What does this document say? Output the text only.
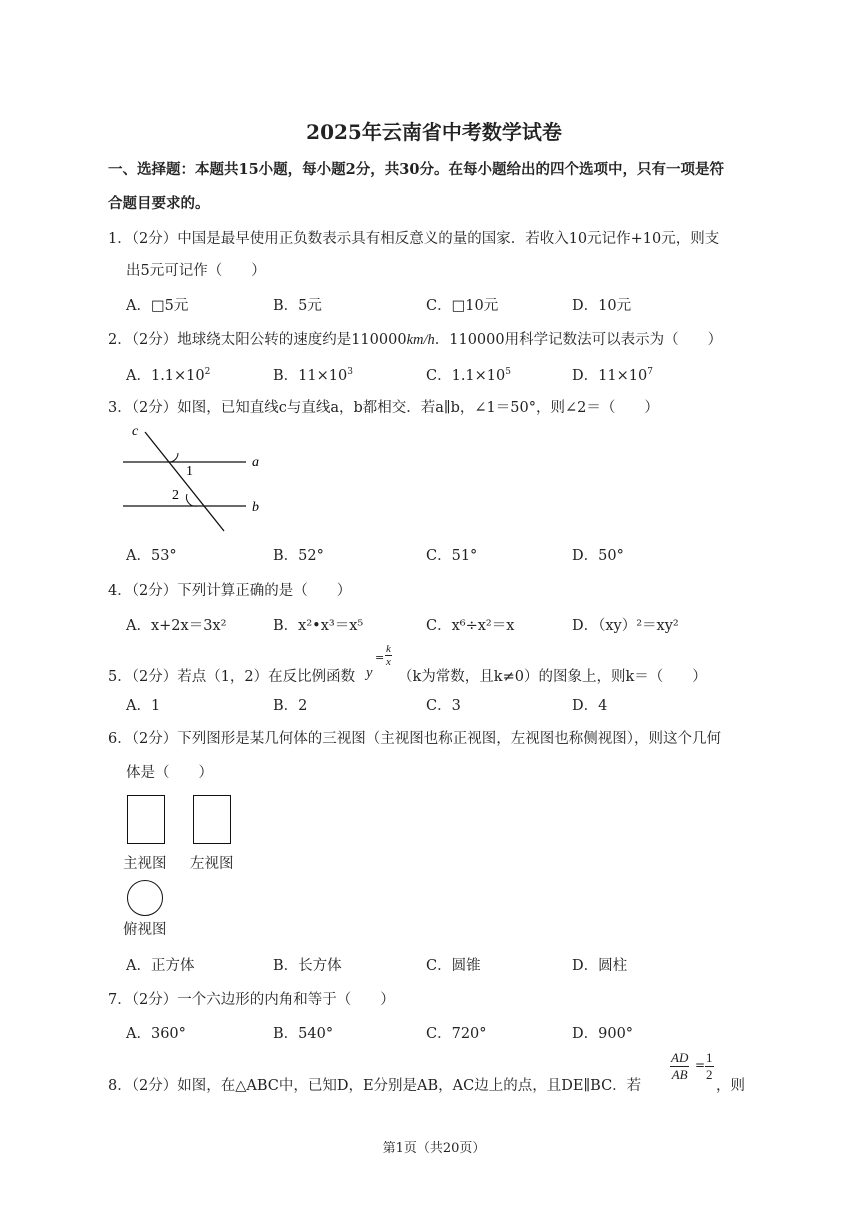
2025年云南省中考数学试卷
一、选择题：本题共15小题，每小题2分，共30分。在每小题给出的四个选项中，只有一项是符
合题目要求的。
1．（2分）中国是最早使用正负数表示具有相反意义的量的国家．若收入10元记作+10元，则支
出5元可记作（　　）
A．□5元	B．5元	C．□10元	D．10元
2．（2分）地球绕太阳公转的速度约是110000km/h．110000用科学记数法可以表示为（　　）
A．$1.1\times 10^2$	B．$11\times 10^3$	C．$1.1\times 10^5$	D．$11\times 10^7$
3．（2分）如图，已知直线c与直线a，b都相交．若a∥b，∠1＝50°，则∠2＝（　　）
c
a
b
1
2
A．53°	B．52°	C．51°	D．50°
4．（2分）下列计算正确的是（　　）
A．x+2x＝3x²	B．x²•x³＝x⁵	C．x⁶÷x²＝x	D．（xy）²＝xy²
5．（2分）若点（1，2）在反比例函数 y
= $\frac{k}{x}$
（k为常数，且k≠0）的图象上，则k＝（　　）
A．1	B．2	C．3	D．4
6．（2分）下列图形是某几何体的三视图（主视图也称正视图，左视图也称侧视图），则这个几何
体是（　　）
主视图 左视图
俯视图
A．正方体	B．长方体	C．圆锥	D．圆柱
7．（2分）一个六边形的内角和等于（　　）
A．360°	B．540°	C．720°	D．900°
8．（2分）如图，在△ABC中，已知D，E分别是AB，AC边上的点，且DE∥BC．若
$\frac{AD}{AB} = \frac{1}{2}$
，则
第1页（共20页）
